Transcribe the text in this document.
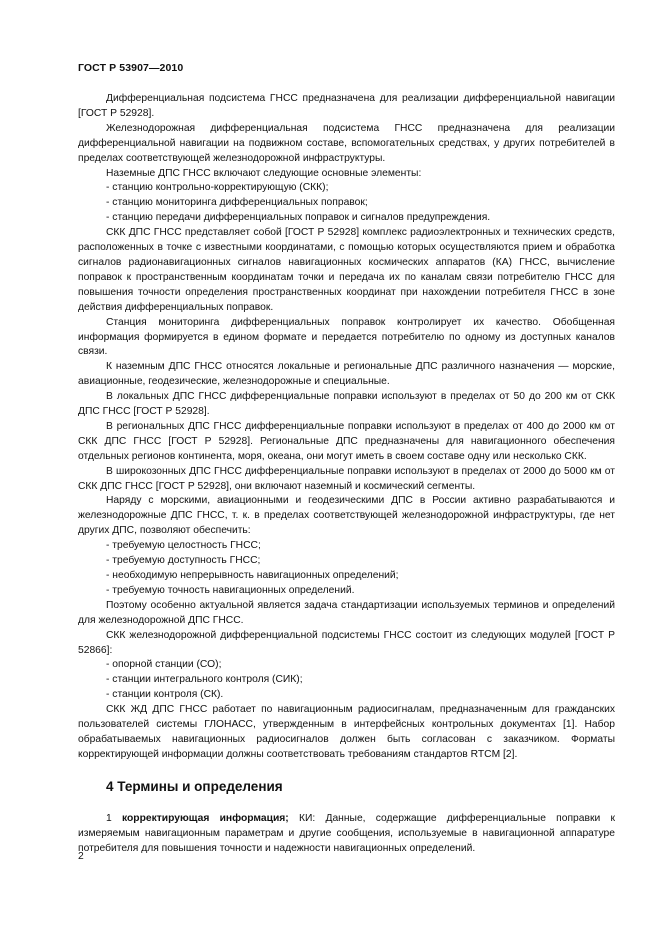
ГОСТ Р 53907—2010

Дифференциальная подсистема ГНСС предназначена для реализации дифференциальной навигации [ГОСТ Р 52928].

Железнодорожная дифференциальная подсистема ГНСС предназначена для реализации дифференциальной навигации на подвижном составе, вспомогательных средствах, у других потребителей в пределах соответствующей железнодорожной инфраструктуры.

Наземные ДПС ГНСС включают следующие основные элементы:

- станцию контрольно-корректирующую (СКК);
- станцию мониторинга дифференциальных поправок;
- станцию передачи дифференциальных поправок и сигналов предупреждения.

СКК ДПС ГНСС представляет собой [ГОСТ Р 52928] комплекс радиоэлектронных и технических средств, расположенных в точке с известными координатами, с помощью которых осуществляются прием и обработка сигналов радионавигационных сигналов навигационных космических аппаратов (КА) ГНСС, вычисление поправок к пространственным координатам точки и передача их по каналам связи потребителю ГНСС для повышения точности определения пространственных координат при нахождении потребителя ГНСС в зоне действия дифференциальных поправок.

Станция мониторинга дифференциальных поправок контролирует их качество. Обобщенная информация формируется в едином формате и передается потребителю по одному из доступных каналов связи.

К наземным ДПС ГНСС относятся локальные и региональные ДПС различного назначения — морские, авиационные, геодезические, железнодорожные и специальные.

В локальных ДПС ГНСС дифференциальные поправки используют в пределах от 50 до 200 км от СКК ДПС ГНСС [ГОСТ Р 52928].

В региональных ДПС ГНСС дифференциальные поправки используют в пределах от 400 до 2000 км от СКК ДПС ГНСС [ГОСТ Р 52928]. Региональные ДПС предназначены для навигационного обеспечения отдельных регионов континента, моря, океана, они могут иметь в своем составе одну или несколько СКК.

В широкозонных ДПС ГНСС дифференциальные поправки используют в пределах от 2000 до 5000 км от СКК ДПС ГНСС [ГОСТ Р 52928], они включают наземный и космический сегменты.

Наряду с морскими, авиационными и геодезическими ДПС в России активно разрабатываются и железнодорожные ДПС ГНСС, т. к. в пределах соответствующей железнодорожной инфраструктуры, где нет других ДПС, позволяют обеспечить:

- требуемую целостность ГНСС;
- требуемую доступность ГНСС;
- необходимую непрерывность навигационных определений;
- требуемую точность навигационных определений.

Поэтому особенно актуальной является задача стандартизации используемых терминов и определений для железнодорожной ДПС ГНСС.

СКК железнодорожной дифференциальной подсистемы ГНСС состоит из следующих модулей [ГОСТ Р 52866]:

- опорной станции (СО);
- станции интегрального контроля (СИК);
- станции контроля (СК).

СКК ЖД ДПС ГНСС работает по навигационным радиосигналам, предназначенным для гражданских пользователей системы ГЛОНАСС, утвержденным в интерфейсных контрольных документах [1]. Набор обрабатываемых навигационных радиосигналов должен быть согласован с заказчиком. Форматы корректирующей информации должны соответствовать требованиям стандартов RTCM [2].

4 Термины и определения

1 корректирующая информация; КИ: Данные, содержащие дифференциальные поправки к измеряемым навигационным параметрам и другие сообщения, используемые в навигационной аппаратуре потребителя для повышения точности и надежности навигационных определений.

2
